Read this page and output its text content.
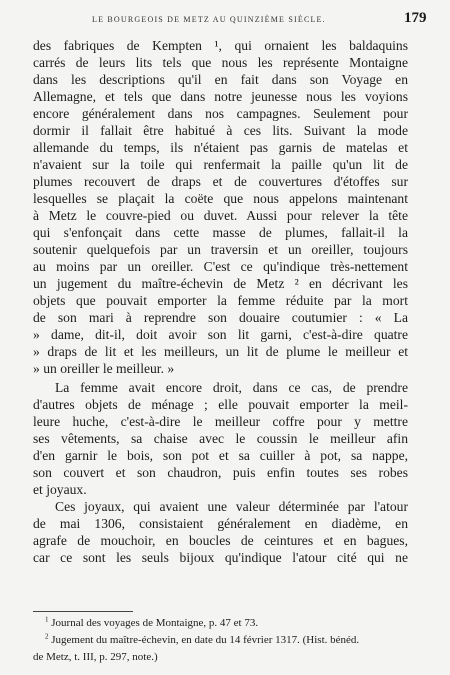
LE BOURGEOIS DE METZ AU QUINZIÈME SIÈCLE.	179
des fabriques de Kempten ¹, qui ornaient les baldaquins
carrés de leurs lits tels que nous les représente Montaigne
dans les descriptions qu'il en fait dans son Voyage en
Allemagne, et tels que dans notre jeunesse nous les voyions
encore généralement dans nos campagnes. Seulement pour
dormir il fallait être habitué à ces lits. Suivant la mode
allemande du temps, ils n'étaient pas garnis de matelas et
n'avaient sur la toile qui renfermait la paille qu'un lit de
plumes recouvert de draps et de couvertures d'étoffes sur
lesquelles se plaçait la coëte que nous appelons maintenant
à Metz le couvre-pied ou duvet. Aussi pour relever la tête
qui s'enfonçait dans cette masse de plumes, fallait-il la
soutenir quelquefois par un traversin et un oreiller, toujours
au moins par un oreiller. C'est ce qu'indique très-nettement
un jugement du maître-échevin de Metz ² en décrivant les
objets que pouvait emporter la femme réduite par la mort
de son mari à reprendre son douaire coutumier : « La
» dame, dit-il, doit avoir son lit garni, c'est-à-dire quatre
» draps de lit et les meilleurs, un lit de plume le meilleur et
» un oreiller le meilleur. »
La femme avait encore droit, dans ce cas, de prendre
d'autres objets de ménage ; elle pouvait emporter la meil-
leure huche, c'est-à-dire le meilleur coffre pour y mettre
ses vêtements, sa chaise avec le coussin le meilleur afin
d'en garnir le bois, son pot et sa cuiller à pot, sa nappe,
son couvert et son chaudron, puis enfin toutes ses robes
et joyaux.
Ces joyaux, qui avaient une valeur déterminée par l'atour
de mai 1306, consistaient généralement en diadème, en
agrafe de mouchoir, en boucles de ceintures et en bagues,
car ce sont les seuls bijoux qu'indique l'atour cité qui ne
$^1$ Journal des voyages de Montaigne, p. 47 et 73.
$^2$ Jugement du maître-échevin, en date du 14 février 1317. (Hist. bénéd.
de Metz, t. III, p. 297, note.)
